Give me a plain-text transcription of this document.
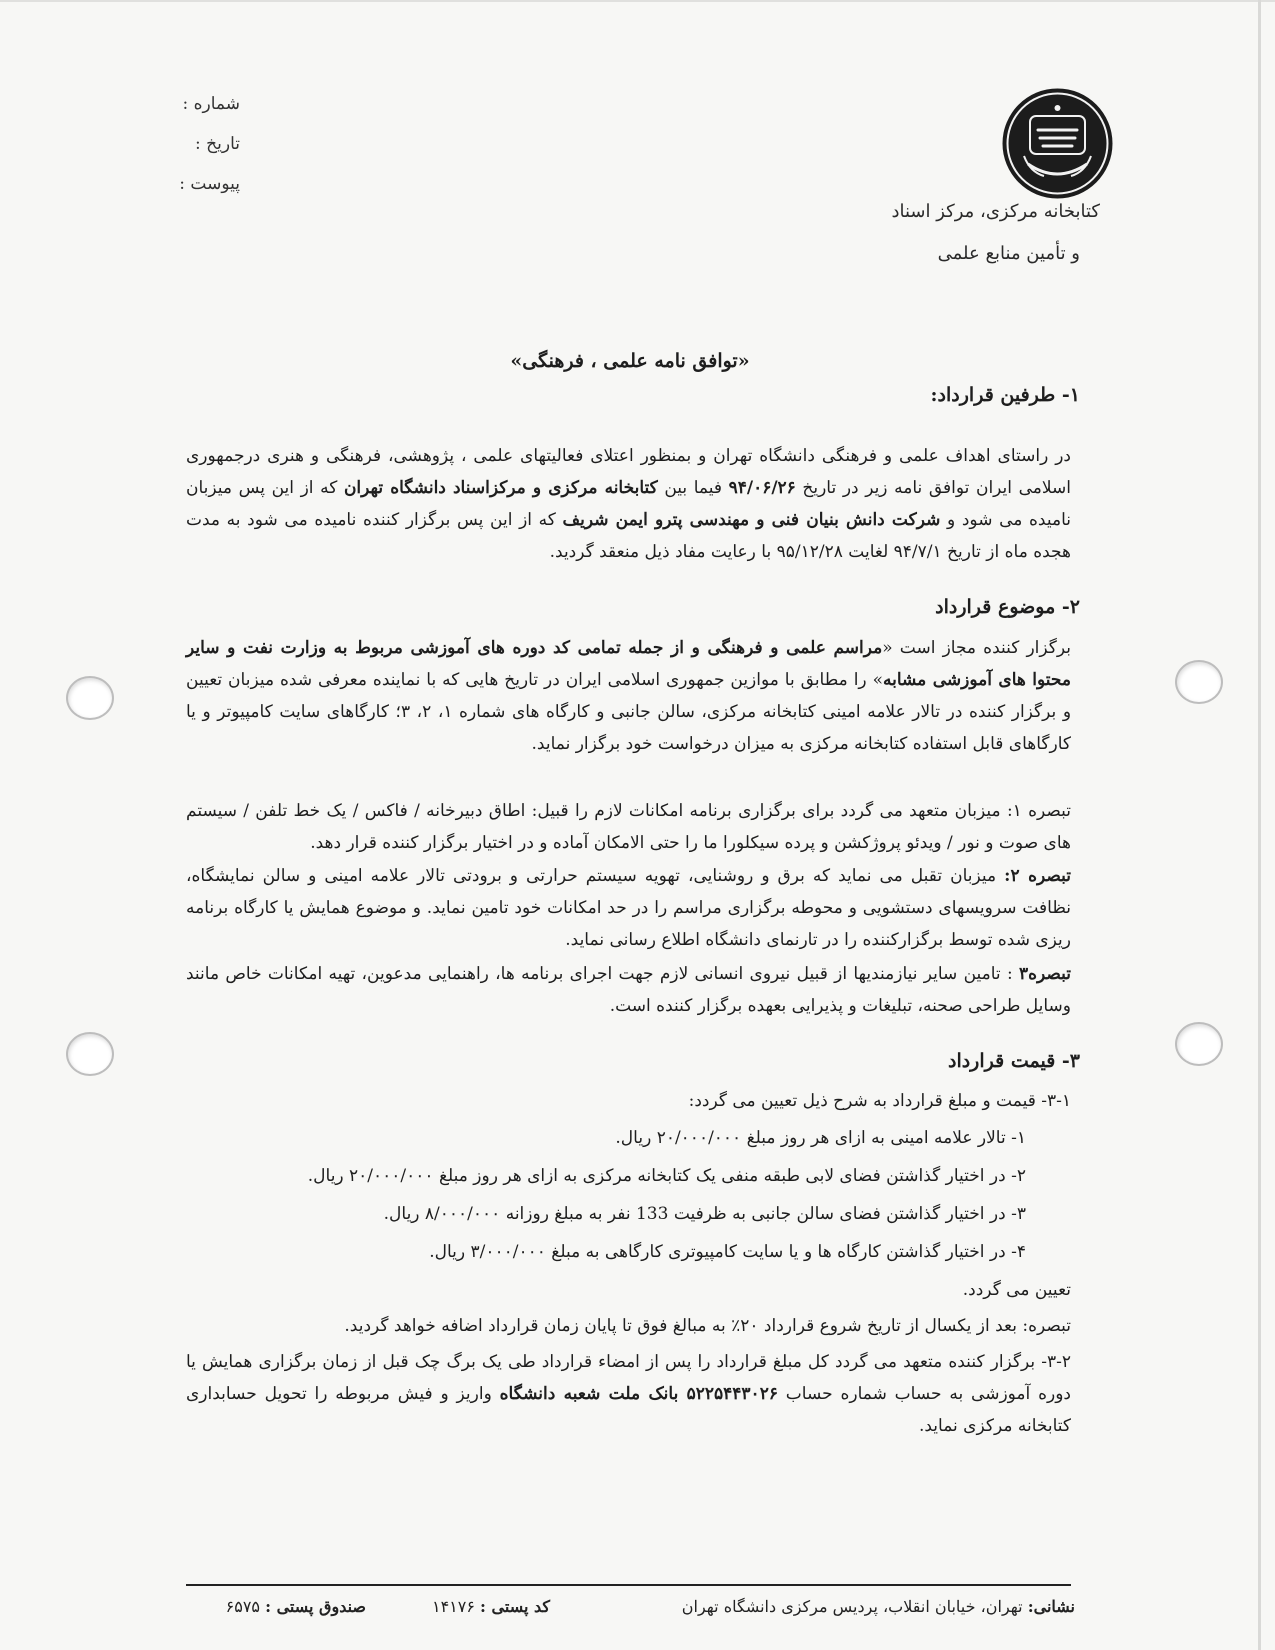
شماره :
تاریخ :
پیوست :
کتابخانه مرکزی، مرکز اسناد
و تأمین منابع علمی
«توافق نامه علمی ، فرهنگی»
۱- طرفین قرارداد:
در راستای اهداف علمی و فرهنگی دانشگاه تهران و بمنظور اعتلای فعالیتهای علمی ، پژوهشی، فرهنگی و هنری درجمهوری اسلامی ایران توافق نامه زیر در تاریخ ۹۴/۰۶/۲۶ فیما بین کتابخانه مرکزی و مرکزاسناد دانشگاه تهران که از این پس میزبان نامیده می شود و شرکت دانش بنیان فنی و مهندسی پترو ایمن شریف که از این پس برگزار کننده نامیده می شود به مدت هجده ماه از تاریخ ۹۴/۷/۱ لغایت ۹۵/۱۲/۲۸ با رعایت مفاد ذیل منعقد گردید.
۲- موضوع قرارداد
برگزار کننده مجاز است «مراسم علمی و فرهنگی و از جمله تمامی کد دوره های آموزشی مربوط به وزارت نفت و سایر محتوا های آموزشی مشابه» را مطابق با موازین جمهوری اسلامی ایران در تاریخ هایی که با نماینده معرفی شده میزبان تعیین و برگزار کننده در تالار علامه امینی کتابخانه مرکزی، سالن جانبی و کارگاه های شماره ۱، ۲، ۳؛ کارگاهای سایت کامپیوتر و یا کارگاهای قابل استفاده کتابخانه مرکزی به میزان درخواست خود برگزار نماید.
تبصره ۱: میزبان متعهد می گردد برای برگزاری برنامه امکانات لازم را قبیل: اطاق دبیرخانه / فاکس / یک خط تلفن / سیستم های صوت و نور / ویدئو پروژکشن و پرده سیکلورا ما را حتی الامکان آماده و در اختیار برگزار کننده قرار دهد.
تبصره ۲: میزبان تقبل می نماید که برق و روشنایی، تهویه سیستم حرارتی و برودتی تالار علامه امینی و سالن نمایشگاه، نظافت سرویسهای دستشویی و محوطه برگزاری مراسم را در حد امکانات خود تامین نماید. و موضوع همایش یا کارگاه برنامه ریزی شده توسط برگزارکننده را در تارنمای دانشگاه اطلاع رسانی نماید.
تبصره۳ : تامین سایر نیازمندیها از قبیل نیروی انسانی لازم جهت اجرای برنامه ها، راهنمایی مدعوین، تهیه امکانات خاص مانند وسایل طراحی صحنه، تبلیغات و پذیرایی بعهده برگزار کننده است.
۳- قیمت قرارداد
۳-۱- قیمت و مبلغ قرارداد به شرح ذیل تعیین می گردد:
۱- تالار علامه امینی به ازای هر روز مبلغ ۲۰/۰۰۰/۰۰۰ ریال.
۲- در اختیار گذاشتن فضای لابی طبقه منفی یک کتابخانه مرکزی به ازای هر روز مبلغ ۲۰/۰۰۰/۰۰۰ ریال.
۳- در اختیار گذاشتن فضای سالن جانبی به ظرفیت 133 نفر به مبلغ روزانه ۸/۰۰۰/۰۰۰ ریال.
۴- در اختیار گذاشتن کارگاه ها و یا سایت کامپیوتری کارگاهی به مبلغ ۳/۰۰۰/۰۰۰ ریال.
تعیین می گردد.
تبصره: بعد از یکسال از تاریخ شروع قرارداد ۲۰٪ به مبالغ فوق تا پایان زمان قرارداد اضافه خواهد گردید.
۳-۲- برگزار کننده متعهد می گردد کل مبلغ قرارداد را پس از امضاء قرارداد طی یک برگ چک قبل از زمان برگزاری همایش یا دوره آموزشی به حساب شماره حساب ۵۲۲۵۴۴۳۰۲۶ بانک ملت شعبه دانشگاه واریز و فیش مربوطه را تحویل حسابداری کتابخانه مرکزی نماید.
نشانی: تهران، خیابان انقلاب، پردیس مرکزی دانشگاه تهران
کد پستی : ۱۴۱۷۶
صندوق پستی : ۶۵۷۵
